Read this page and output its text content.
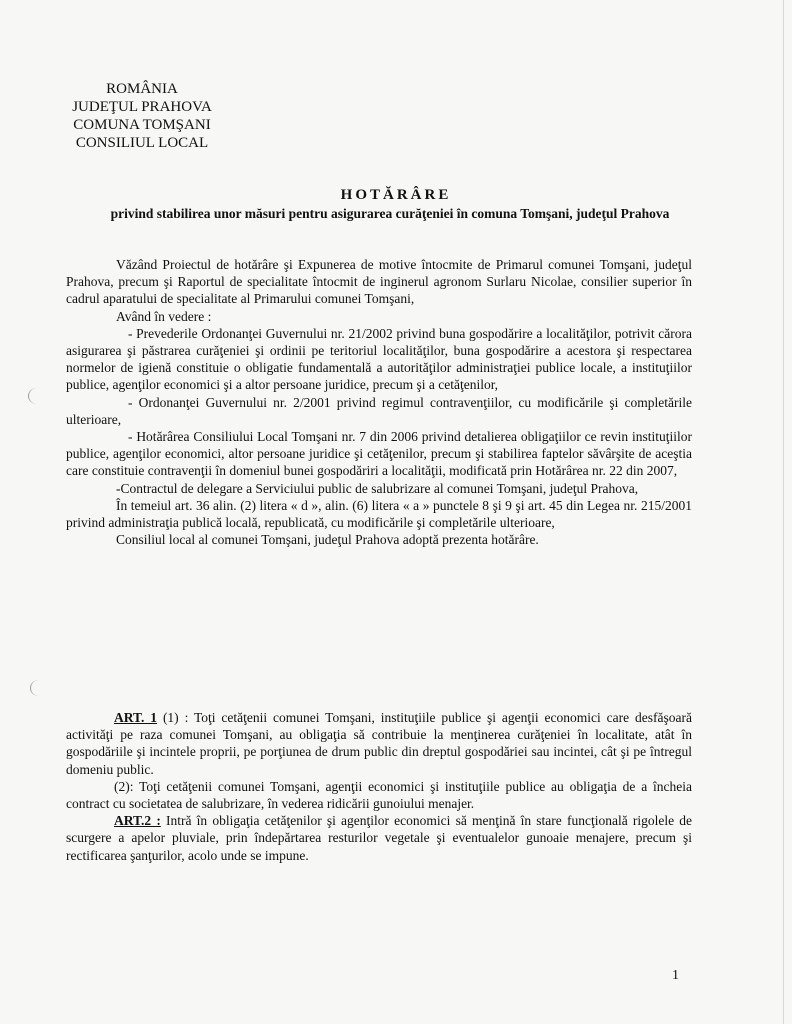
ROMÂNIA
JUDEŢUL PRAHOVA
COMUNA TOMŞANI
CONSILIUL LOCAL
HOTĂRÂRE
privind stabilirea unor măsuri pentru asigurarea curăţeniei în comuna Tomşani, judeţul Prahova

Văzând Proiectul de hotărâre şi Expunerea de motive întocmite de Primarul comunei Tomşani, judeţul Prahova, precum şi Raportul de specialitate întocmit de inginerul agronom Surlaru Nicolae, consilier superior în cadrul aparatului de specialitate al Primarului comunei Tomşani,

Având în vedere :

- Prevederile Ordonanţei Guvernului nr. 21/2002 privind buna gospodărire a localităţilor, potrivit cărora asigurarea şi păstrarea curăţeniei şi ordinii pe teritoriul localităţilor, buna gospodărire a acestora şi respectarea normelor de igienă constituie o obligatie fundamentală a autorităţilor administraţiei publice locale, a instituţiilor publice, agenţilor economici şi a altor persoane juridice, precum şi a cetăţenilor,

- Ordonanţei Guvernului nr. 2/2001 privind regimul contravenţiilor, cu modificările şi completările ulterioare,

- Hotărârea Consiliului Local Tomşani nr. 7 din 2006 privind detalierea obligaţiilor ce revin instituţiilor publice, agenţilor economici, altor persoane juridice şi cetăţenilor, precum şi stabilirea faptelor săvârşite de aceştia care constituie contravenţii în domeniul bunei gospodăriri a localităţii, modificată prin Hotărârea nr. 22 din 2007,

-Contractul de delegare a Serviciului public de salubrizare al comunei Tomşani, judeţul Prahova,

În temeiul art. 36 alin. (2) litera « d », alin. (6) litera « a » punctele 8 şi 9 şi art. 45 din Legea nr. 215/2001 privind administraţia publică locală, republicată, cu modificările şi completările ulterioare,

Consiliul local al comunei Tomşani, judeţul Prahova adoptă prezenta hotărâre.

ART. 1 (1) : Toţi cetăţenii comunei Tomşani, instituţiile publice şi agenţii economici care desfăşoară activităţi pe raza comunei Tomşani, au obligaţia să contribuie la menţinerea curăţeniei în localitate, atât în gospodăriile şi incintele proprii, pe porţiunea de drum public din dreptul gospodăriei sau incintei, cât şi pe întregul domeniu public.

(2): Toţi cetăţenii comunei Tomşani, agenţii economici şi instituţiile publice au obligaţia de a încheia contract cu societatea de salubrizare, în vederea ridicării gunoiului menajer.

ART.2 : Intră în obligaţia cetăţenilor şi agenţilor economici să menţină în stare funcţională rigolele de scurgere a apelor pluviale, prin îndepărtarea resturilor vegetale şi eventualelor gunoaie menajere, precum şi rectificarea şanţurilor, acolo unde se impune.

1
